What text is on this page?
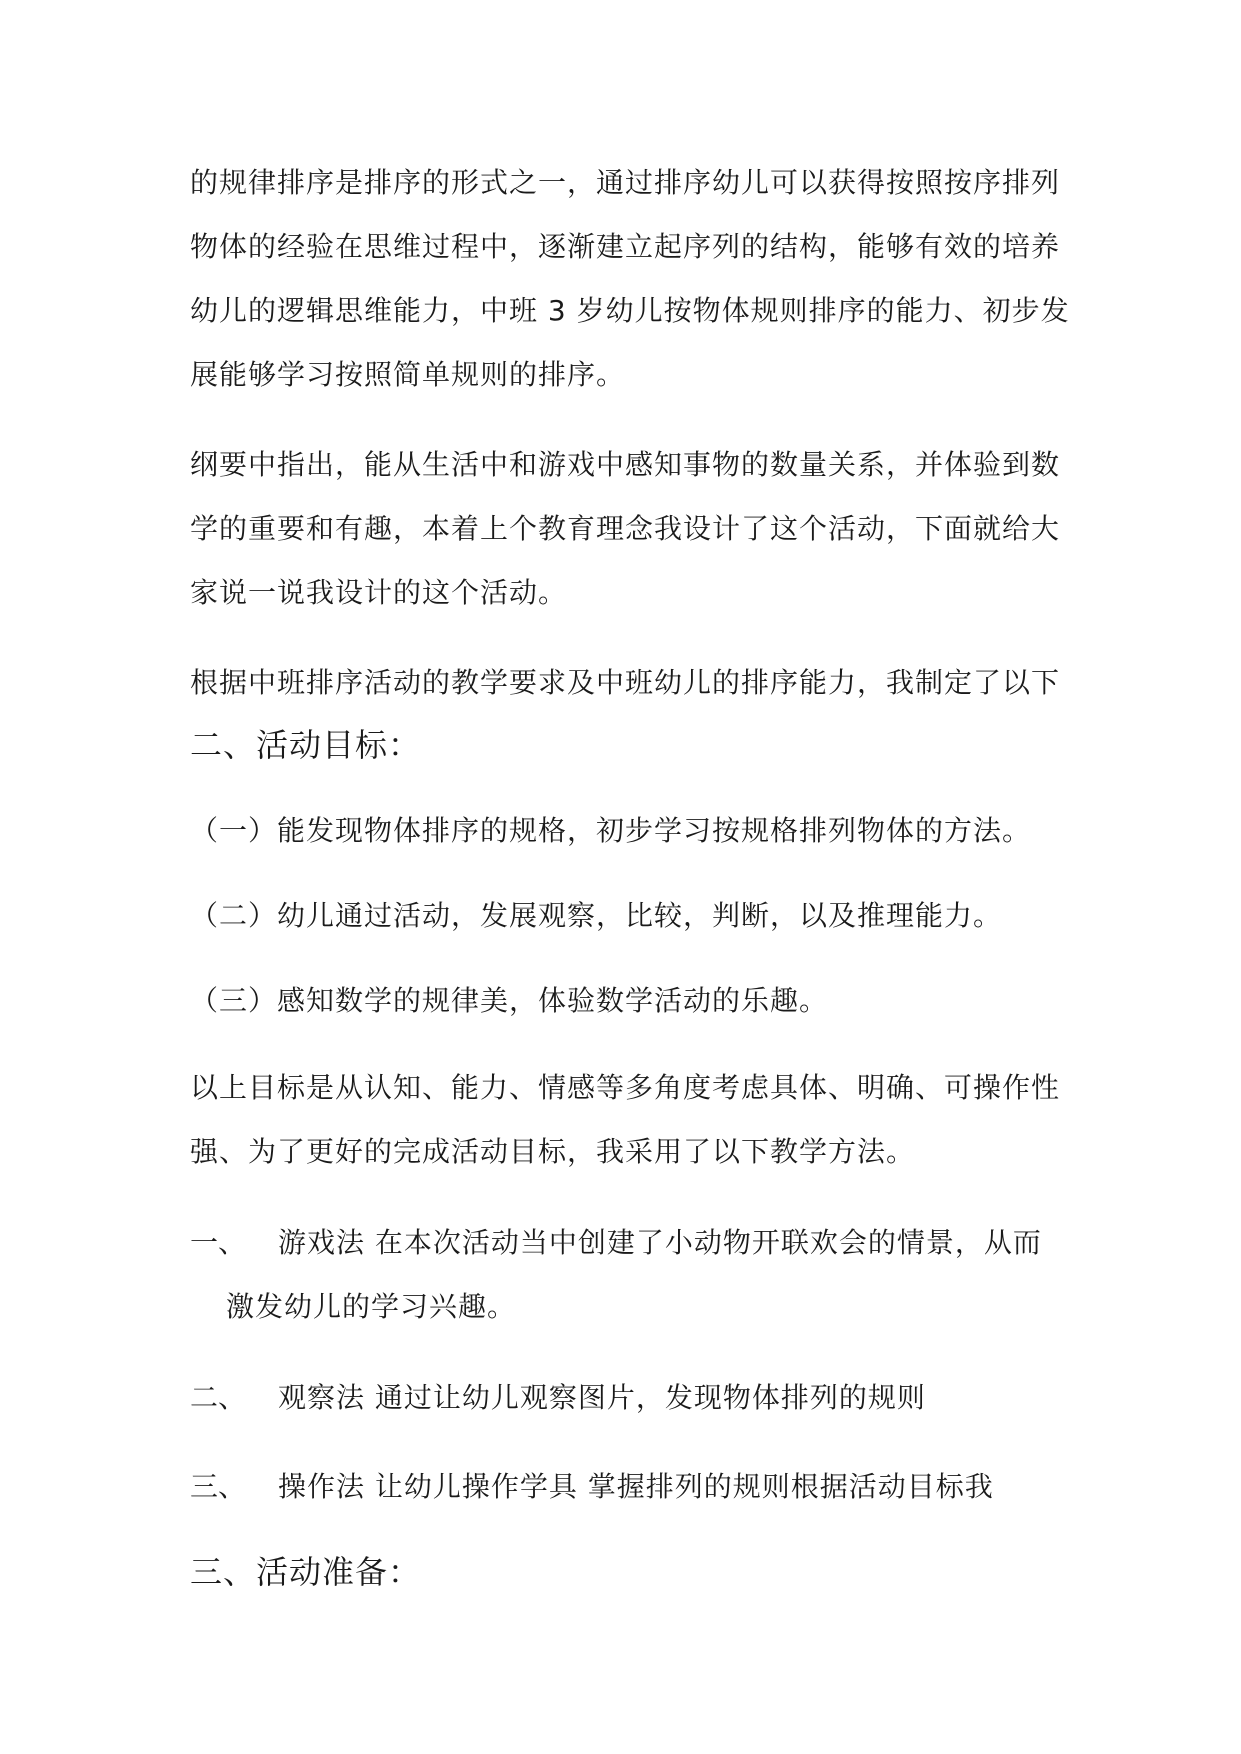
的规律排序是排序的形式之一，通过排序幼儿可以获得按照按序排列
物体的经验在思维过程中，逐渐建立起序列的结构，能够有效的培养
幼儿的逻辑思维能力，中班 3 岁幼儿按物体规则排序的能力、初步发
展能够学习按照简单规则的排序。
纲要中指出，能从生活中和游戏中感知事物的数量关系，并体验到数
学的重要和有趣，本着上个教育理念我设计了这个活动，下面就给大
家说一说我设计的这个活动。
根据中班排序活动的教学要求及中班幼儿的排序能力，我制定了以下
二、活动目标：
（一）能发现物体排序的规格，初步学习按规格排列物体的方法。
（二）幼儿通过活动，发展观察，比较，判断，以及推理能力。
（三）感知数学的规律美，体验数学活动的乐趣。
以上目标是从认知、能力、情感等多角度考虑具体、明确、可操作性
强、为了更好的完成活动目标，我采用了以下教学方法。
一、 游戏法 在本次活动当中创建了小动物开联欢会的情景，从而
激发幼儿的学习兴趣。
二、 观察法 通过让幼儿观察图片，发现物体排列的规则
三、 操作法 让幼儿操作学具 掌握排列的规则根据活动目标我
三、活动准备：
